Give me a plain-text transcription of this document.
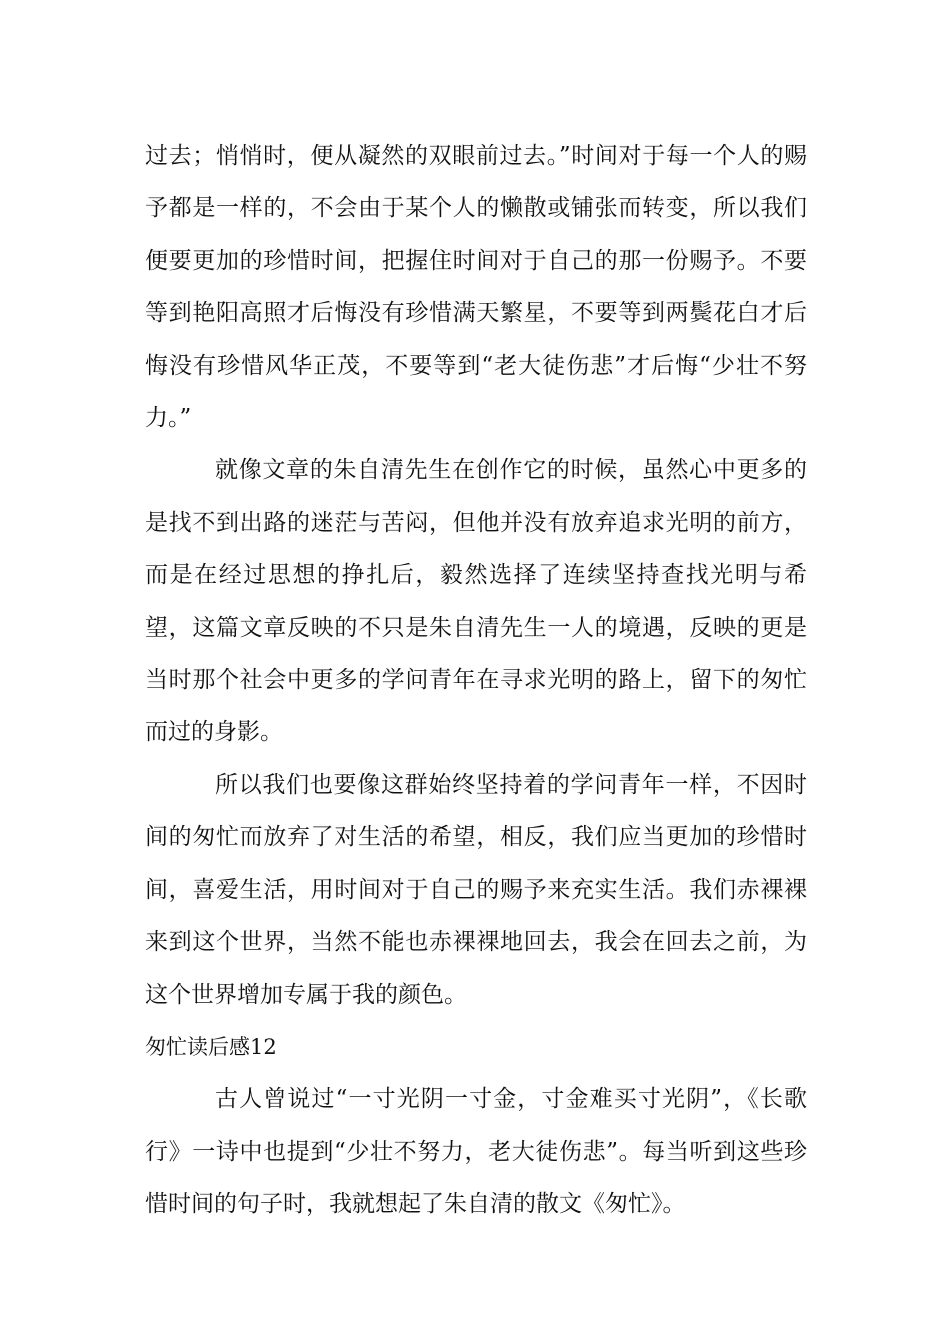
过去；悄悄时，便从凝然的双眼前过去。”时间对于每一个人的赐予都是一样的，不会由于某个人的懒散或铺张而转变，所以我们便要更加的珍惜时间，把握住时间对于自己的那一份赐予。不要等到艳阳高照才后悔没有珍惜满天繁星，不要等到两鬓花白才后悔没有珍惜风华正茂，不要等到“老大徒伤悲”才后悔“少壮不努力。”

就像文章的朱自清先生在创作它的时候，虽然心中更多的是找不到出路的迷茫与苦闷，但他并没有放弃追求光明的前方，而是在经过思想的挣扎后，毅然选择了连续坚持查找光明与希望，这篇文章反映的不只是朱自清先生一人的境遇，反映的更是当时那个社会中更多的学问青年在寻求光明的路上，留下的匆忙而过的身影。

所以我们也要像这群始终坚持着的学问青年一样，不因时间的匆忙而放弃了对生活的希望，相反，我们应当更加的珍惜时间，喜爱生活，用时间对于自己的赐予来充实生活。我们赤裸裸来到这个世界，当然不能也赤裸裸地回去，我会在回去之前，为这个世界增加专属于我的颜色。

匆忙读后感12

古人曾说过“一寸光阴一寸金，寸金难买寸光阴”，《长歌行》一诗中也提到“少壮不努力，老大徒伤悲”。每当听到这些珍惜时间的句子时，我就想起了朱自清的散文《匆忙》。
